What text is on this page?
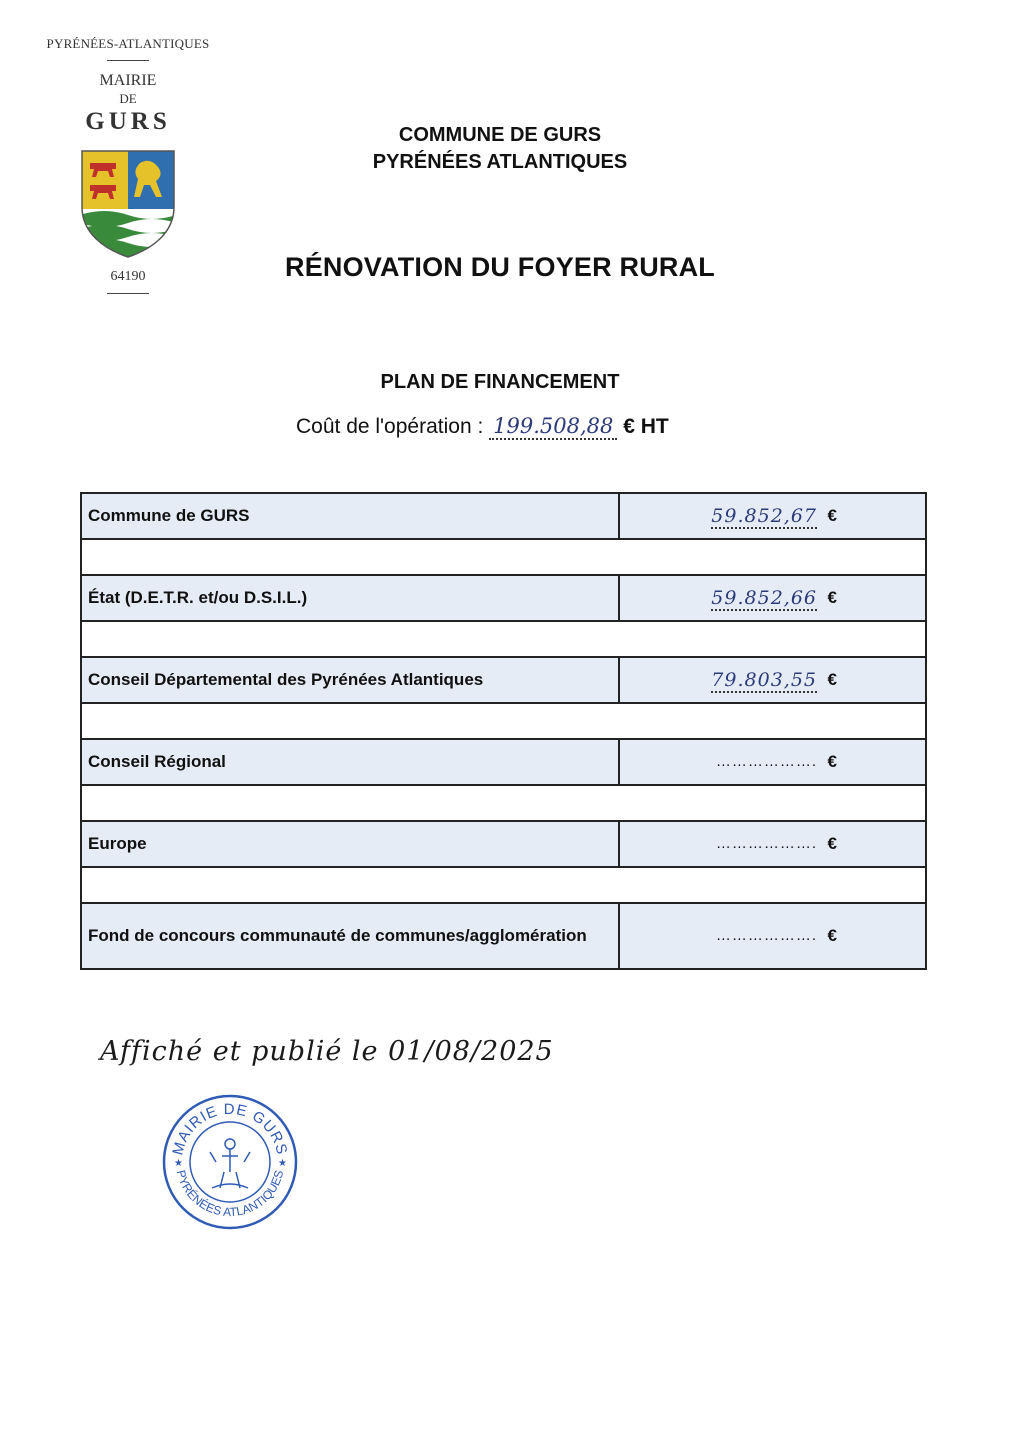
PYRÉNÉES-ATLANTIQUES
MAIRIE
DE
GURS
64190
COMMUNE DE GURS
PYRÉNÉES ATLANTIQUES
RÉNOVATION DU FOYER RURAL
PLAN DE FINANCEMENT
Coût de l'opération : 199.508,88 € HT
Commune de GURS	59.852,67 €

État (D.E.T.R. et/ou D.S.I.L.)	59.852,66 €

Conseil Départemental des Pyrénées Atlantiques	79.803,55 €

Conseil Régional	………………. €

Europe	………………. €

Fond de concours communauté de communes/agglomération	………………. €
Affiché et publié le 01/08/2025
MAIRIE DE GURS
PYRÉNÉES ATLANTIQUES
★	★
